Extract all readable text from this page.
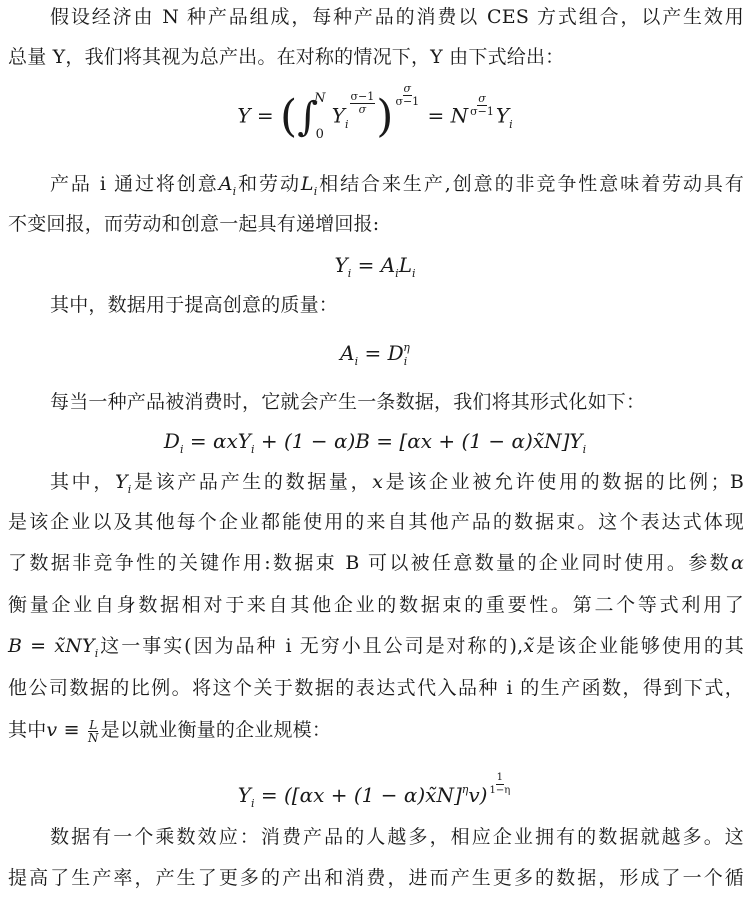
假设经济由 N 种产品组成，每种产品的消费以 CES 方式组合，以产生效用
总量 Y，我们将其视为总产出。在对称的情况下，Y 由下式给出：
Y = (∫
N
0
$Y_i$
$\frac{\sigma-1}{\sigma}$ ) $\frac{\sigma}{\sigma-1}$
= N $\frac{\sigma}{\sigma-1} Y_i$
产品 i 通过将创意$A_i$和劳动$L_i$相结合来生产,创意的非竞争性意味着劳动具有
不变回报，而劳动和创意一起具有递增回报:
$Y_i = A_iL_i$
其中，数据用于提高创意的质量：
$A_i = D_i^\eta$
每当一种产品被消费时，它就会产生一条数据，我们将其形式化如下：
$D_i = \alpha xY_i + (1 - \alpha)B = [\alpha x + (1$ − $\alpha)x̃N]Y_i$
其中，$Y_i$是该产品产生的数据量，x是该企业被允许使用的数据的比例；B
是该企业以及其他每个企业都能使用的来自其他产品的数据束。这个表达式体现
了数据非竞争性的关键作用:数据束 B 可以被任意数量的企业同时使用。参数α
衡量企业自身数据相对于来自其他企业的数据束的重要性。第二个等式利用了
$B = x̃NY_i$这一事实(因为品种 i 无穷小且公司是对称的),x̃是该企业能够使用的其
他公司数据的比例。将这个关于数据的表达式代入品种 i 的生产函数，得到下式，
其中$v \equiv \frac{L}{N}$ 是以就业衡量的企业规模：
$Y_i = ([\alpha x + (1$ − α)x̃N]$^\eta$v) $\frac{1}{1-\eta}$
数据有一个乘数效应：消费产品的人越多，相应企业拥有的数据就越多。这
提高了生产率，产生了更多的产出和消费，进而产生更多的数据，形成了一个循
